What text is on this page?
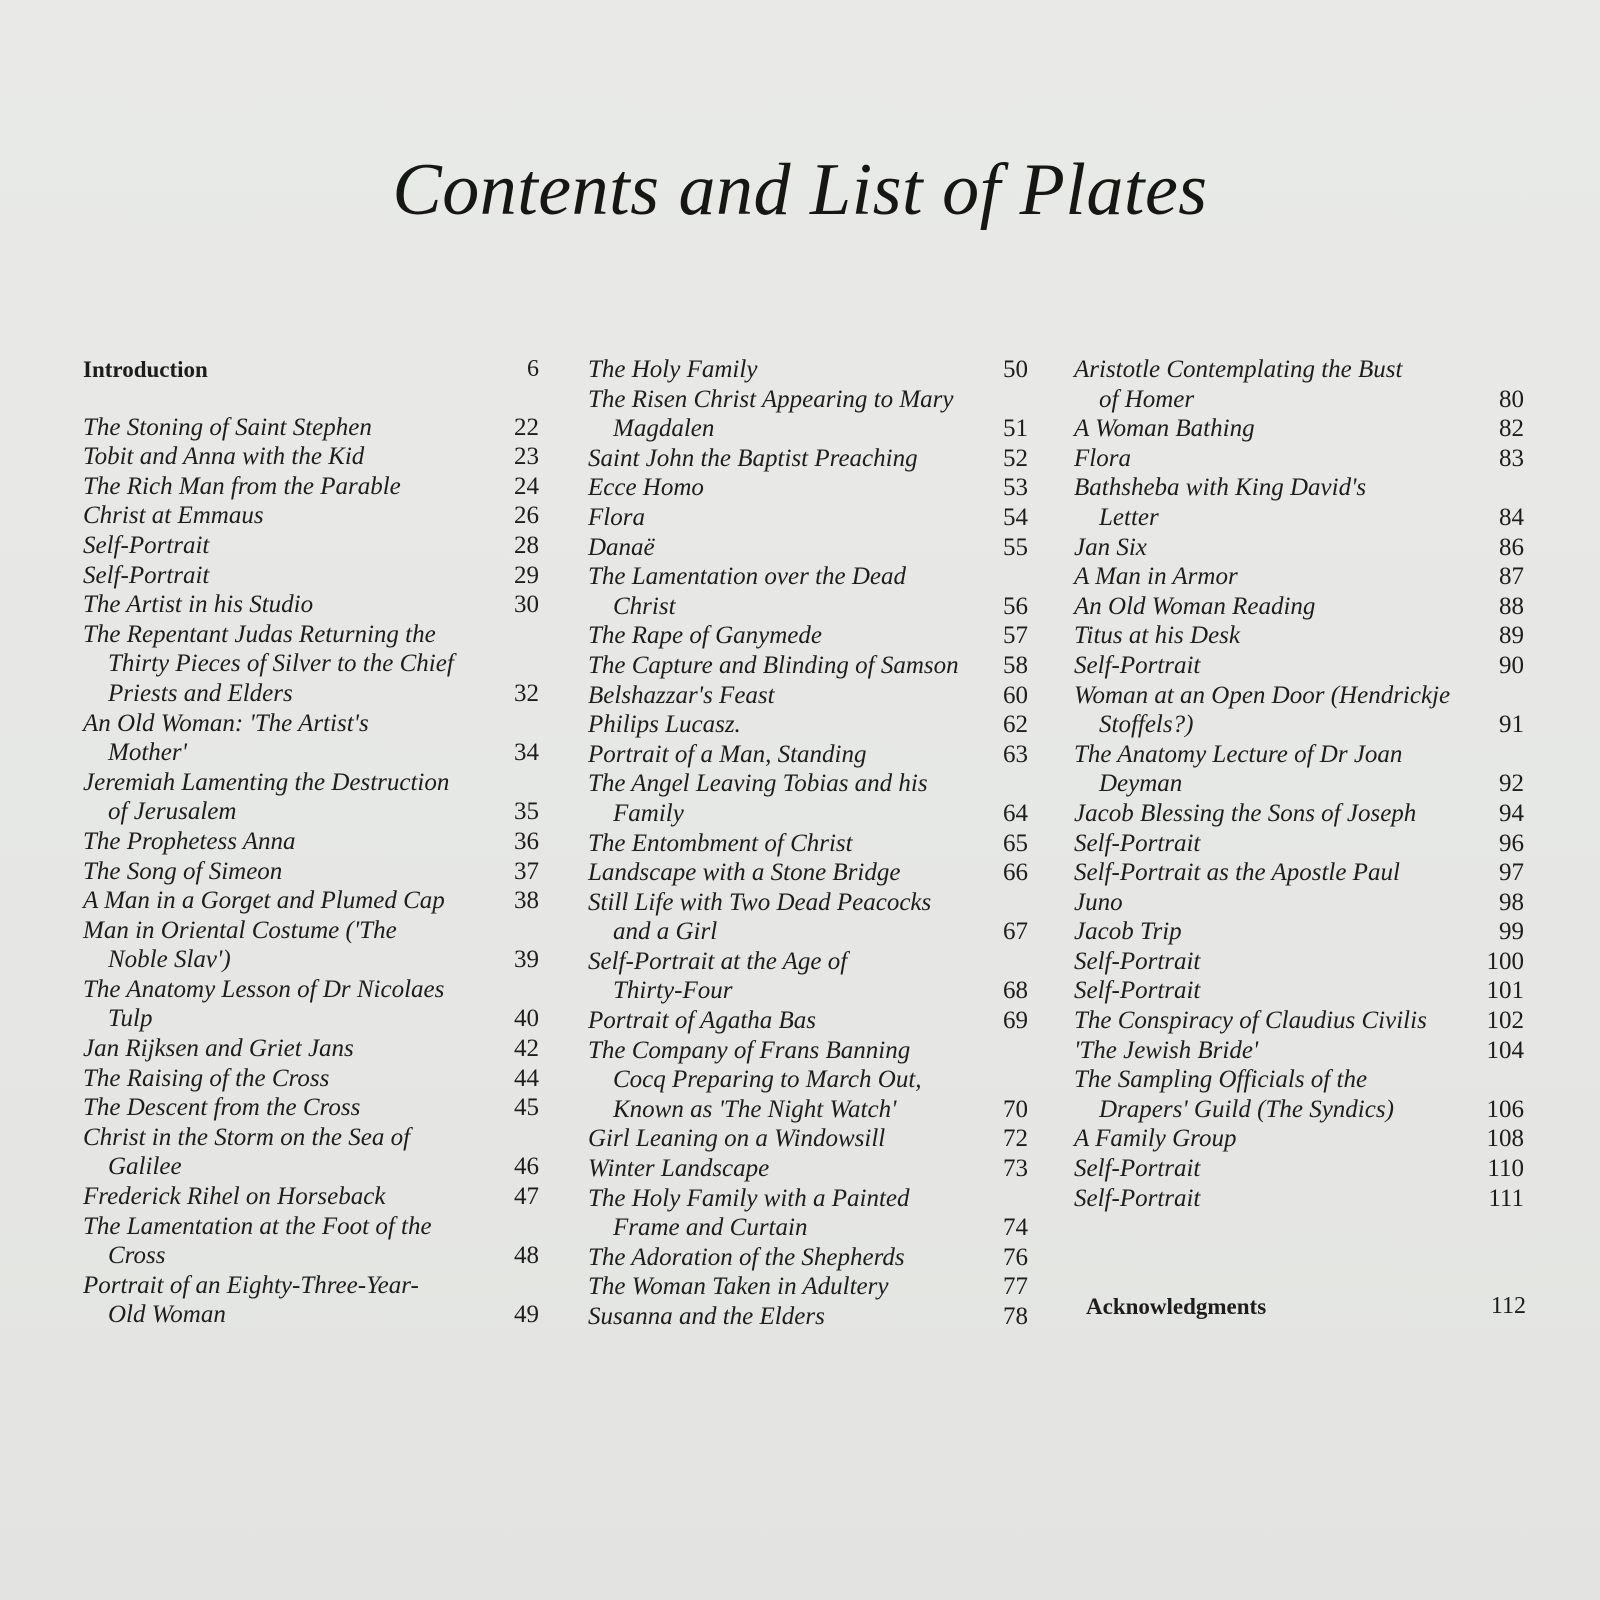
Contents and List of Plates
Introduction	6
The Stoning of Saint Stephen	22
Tobit and Anna with the Kid	23
The Rich Man from the Parable	24
Christ at Emmaus	26
Self-Portrait	28
Self-Portrait	29
The Artist in his Studio	30
The Repentant Judas Returning the
Thirty Pieces of Silver to the Chief
Priests and Elders	32
An Old Woman: 'The Artist's
Mother'	34
Jeremiah Lamenting the Destruction
of Jerusalem	35
The Prophetess Anna	36
The Song of Simeon	37
A Man in a Gorget and Plumed Cap	38
Man in Oriental Costume ('The
Noble Slav')	39
The Anatomy Lesson of Dr Nicolaes
Tulp	40
Jan Rijksen and Griet Jans	42
The Raising of the Cross	44
The Descent from the Cross	45
Christ in the Storm on the Sea of
Galilee	46
Frederick Rihel on Horseback	47
The Lamentation at the Foot of the
Cross	48
Portrait of an Eighty-Three-Year-
Old Woman	49
The Holy Family	50
The Risen Christ Appearing to Mary
Magdalen	51
Saint John the Baptist Preaching	52
Ecce Homo	53
Flora	54
Danaë	55
The Lamentation over the Dead
Christ	56
The Rape of Ganymede	57
The Capture and Blinding of Samson	58
Belshazzar's Feast	60
Philips Lucasz.	62
Portrait of a Man, Standing	63
The Angel Leaving Tobias and his
Family	64
The Entombment of Christ	65
Landscape with a Stone Bridge	66
Still Life with Two Dead Peacocks
and a Girl	67
Self-Portrait at the Age of
Thirty-Four	68
Portrait of Agatha Bas	69
The Company of Frans Banning
Cocq Preparing to March Out,
Known as 'The Night Watch'	70
Girl Leaning on a Windowsill	72
Winter Landscape	73
The Holy Family with a Painted
Frame and Curtain	74
The Adoration of the Shepherds	76
The Woman Taken in Adultery	77
Susanna and the Elders	78
Aristotle Contemplating the Bust
of Homer	80
A Woman Bathing	82
Flora	83
Bathsheba with King David's
Letter	84
Jan Six	86
A Man in Armor	87
An Old Woman Reading	88
Titus at his Desk	89
Self-Portrait	90
Woman at an Open Door (Hendrickje
Stoffels?)	91
The Anatomy Lecture of Dr Joan
Deyman	92
Jacob Blessing the Sons of Joseph	94
Self-Portrait	96
Self-Portrait as the Apostle Paul	97
Juno	98
Jacob Trip	99
Self-Portrait	100
Self-Portrait	101
The Conspiracy of Claudius Civilis	102
'The Jewish Bride'	104
The Sampling Officials of the
Drapers' Guild (The Syndics)	106
A Family Group	108
Self-Portrait	110
Self-Portrait	111
Acknowledgments	112
